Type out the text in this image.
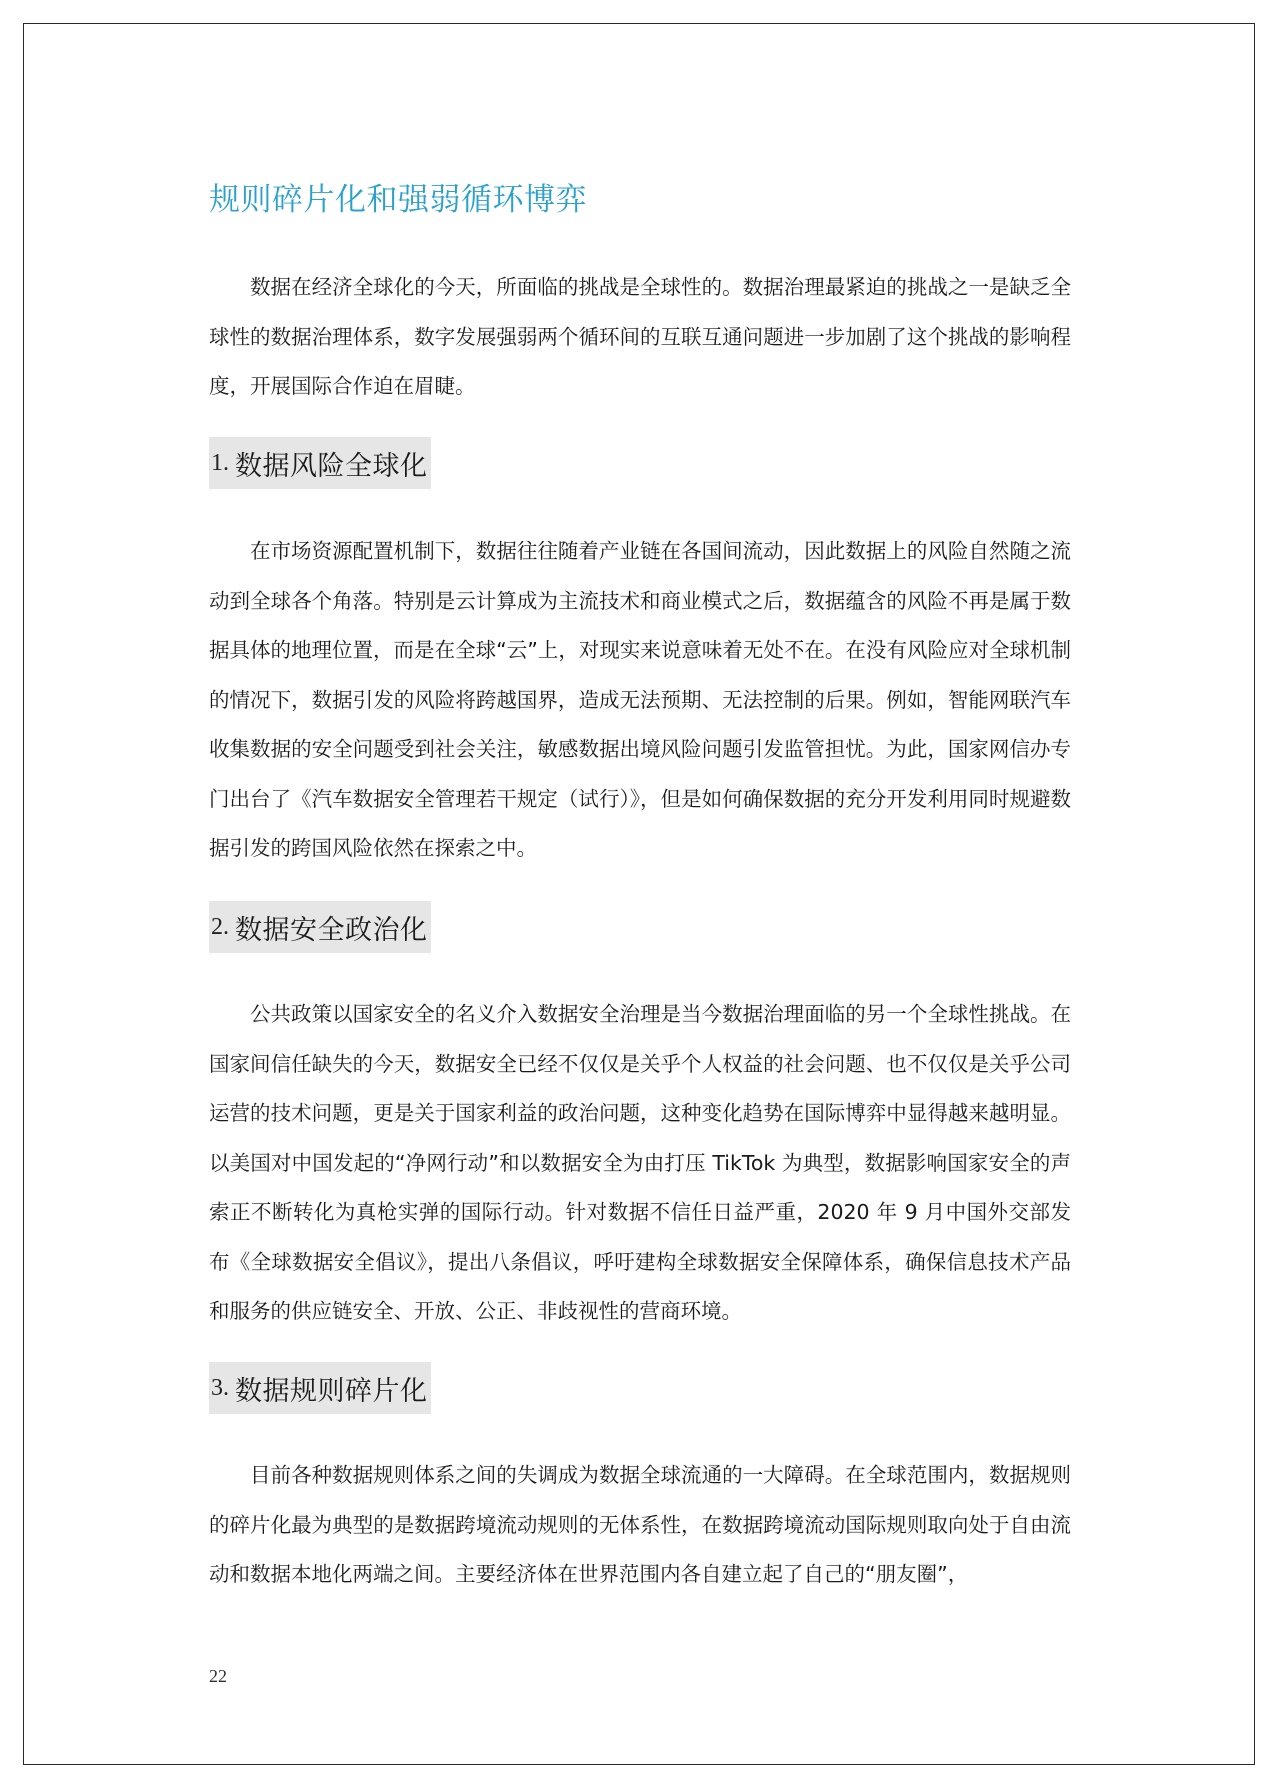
规则碎片化和强弱循环博弈

数据在经济全球化的今天，所面临的挑战是全球性的。数据治理最紧迫的挑战之一是缺乏全球性的数据治理体系，数字发展强弱两个循环间的互联互通问题进一步加剧了这个挑战的影响程度，开展国际合作迫在眉睫。

1. 数据风险全球化

在市场资源配置机制下，数据往往随着产业链在各国间流动，因此数据上的风险自然随之流动到全球各个角落。特别是云计算成为主流技术和商业模式之后，数据蕴含的风险不再是属于数据具体的地理位置，而是在全球“云”上，对现实来说意味着无处不在。在没有风险应对全球机制的情况下，数据引发的风险将跨越国界，造成无法预期、无法控制的后果。例如，智能网联汽车收集数据的安全问题受到社会关注，敏感数据出境风险问题引发监管担忧。为此，国家网信办专门出台了《汽车数据安全管理若干规定（试行）》，但是如何确保数据的充分开发利用同时规避数据引发的跨国风险依然在探索之中。

2. 数据安全政治化

公共政策以国家安全的名义介入数据安全治理是当今数据治理面临的另一个全球性挑战。在国家间信任缺失的今天，数据安全已经不仅仅是关乎个人权益的社会问题、也不仅仅是关乎公司运营的技术问题，更是关于国家利益的政治问题，这种变化趋势在国际博弈中显得越来越明显。以美国对中国发起的“净网行动”和以数据安全为由打压 TikTok 为典型，数据影响国家安全的声索正不断转化为真枪实弹的国际行动。针对数据不信任日益严重，2020 年 9 月中国外交部发布《全球数据安全倡议》，提出八条倡议，呼吁建构全球数据安全保障体系，确保信息技术产品和服务的供应链安全、开放、公正、非歧视性的营商环境。

3. 数据规则碎片化

目前各种数据规则体系之间的失调成为数据全球流通的一大障碍。在全球范围内，数据规则的碎片化最为典型的是数据跨境流动规则的无体系性，在数据跨境流动国际规则取向处于自由流动和数据本地化两端之间。主要经济体在世界范围内各自建立起了自己的“朋友圈”，

22
